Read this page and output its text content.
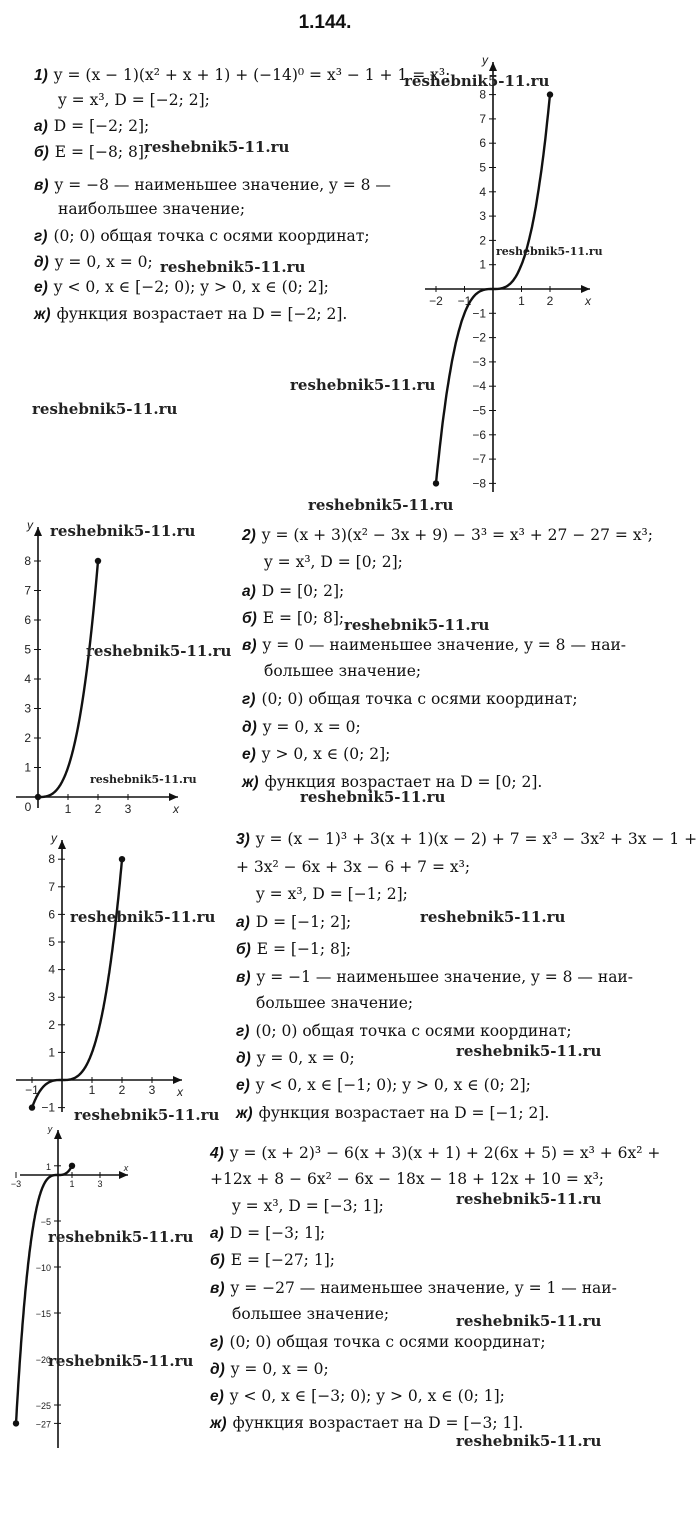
1.144.
1) y = (x − 1)(x² + x + 1) + (−14)⁰ = x³ − 1 + 1 = x³;
y = x³, D = [−2; 2];
а) D = [−2; 2];
б) E = [−8; 8];
в) y = −8 — наименьшее значение, y = 8 —
наибольшее значение;
г) (0; 0) общая точка с осями координат;
д) y = 0, x = 0;
е) y < 0, x ∈ [−2; 0); y > 0, x ∈ (0; 2];
ж) функция возрастает на D = [−2; 2].
2) y = (x + 3)(x² − 3x + 9) − 3³ = x³ + 27 − 27 = x³;
y = x³, D = [0; 2];
а) D = [0; 2];
б) E = [0; 8];
в) y = 0 — наименьшее значение, y = 8 — наи-
большее значение;
г) (0; 0) общая точка с осями координат;
д) y = 0, x = 0;
е) y > 0, x ∈ (0; 2];
ж) функция возрастает на D = [0; 2].
3) y = (x − 1)³ + 3(x + 1)(x − 2) + 7 = x³ − 3x² + 3x − 1 +
+ 3x² − 6x + 3x − 6 + 7 = x³;
y = x³, D = [−1; 2];
а) D = [−1; 2];
б) E = [−1; 8];
в) y = −1 — наименьшее значение, y = 8 — наи-
большее значение;
г) (0; 0) общая точка с осями координат;
д) y = 0, x = 0;
е) y < 0, x ∈ [−1; 0); y > 0, x ∈ (0; 2];
ж) функция возрастает на D = [−1; 2].
4) y = (x + 2)³ − 6(x + 3)(x + 1) + 2(6x + 5) = x³ + 6x² +
+12x + 8 − 6x² − 6x − 18x − 18 + 12x + 10 = x³;
y = x³, D = [−3; 1];
а) D = [−3; 1];
б) E = [−27; 1];
в) y = −27 — наименьшее значение, y = 1 — наи-
большее значение;
г) (0; 0) общая точка с осями координат;
д) y = 0, x = 0;
е) y < 0, x ∈ [−3; 0); y > 0, x ∈ (0; 1];
ж) функция возрастает на D = [−3; 1].
x
y
−2 −1	1 2
8
7
6
5
4
3
2
1
−1
−2
−3
−4
−5
−6
−7
−8
x
y
0	1 2 3
8
7
6
5
4
3
2
1
x
y
−1	1 2 3
8
7
6
5
4
3
2
1
−1
x
y
−3	1	3
1
−5
−10
−15
−20
−25
−27
reshebnik5-11.ru
reshebnik5-11.ru
reshebnik5-11.ru
reshebnik5-11.ru
reshebnik5-11.ru
reshebnik5-11.ru
reshebnik5-11.ru
reshebnik5-11.ru
reshebnik5-11.ru
reshebnik5-11.ru
reshebnik5-11.ru
reshebnik5-11.ru
reshebnik5-11.ru	reshebnik5-11.ru
reshebnik5-11.ru
reshebnik5-11.ru
reshebnik5-11.ru
reshebnik5-11.ru
reshebnik5-11.ru
reshebnik5-11.ru
reshebnik5-11.ru
